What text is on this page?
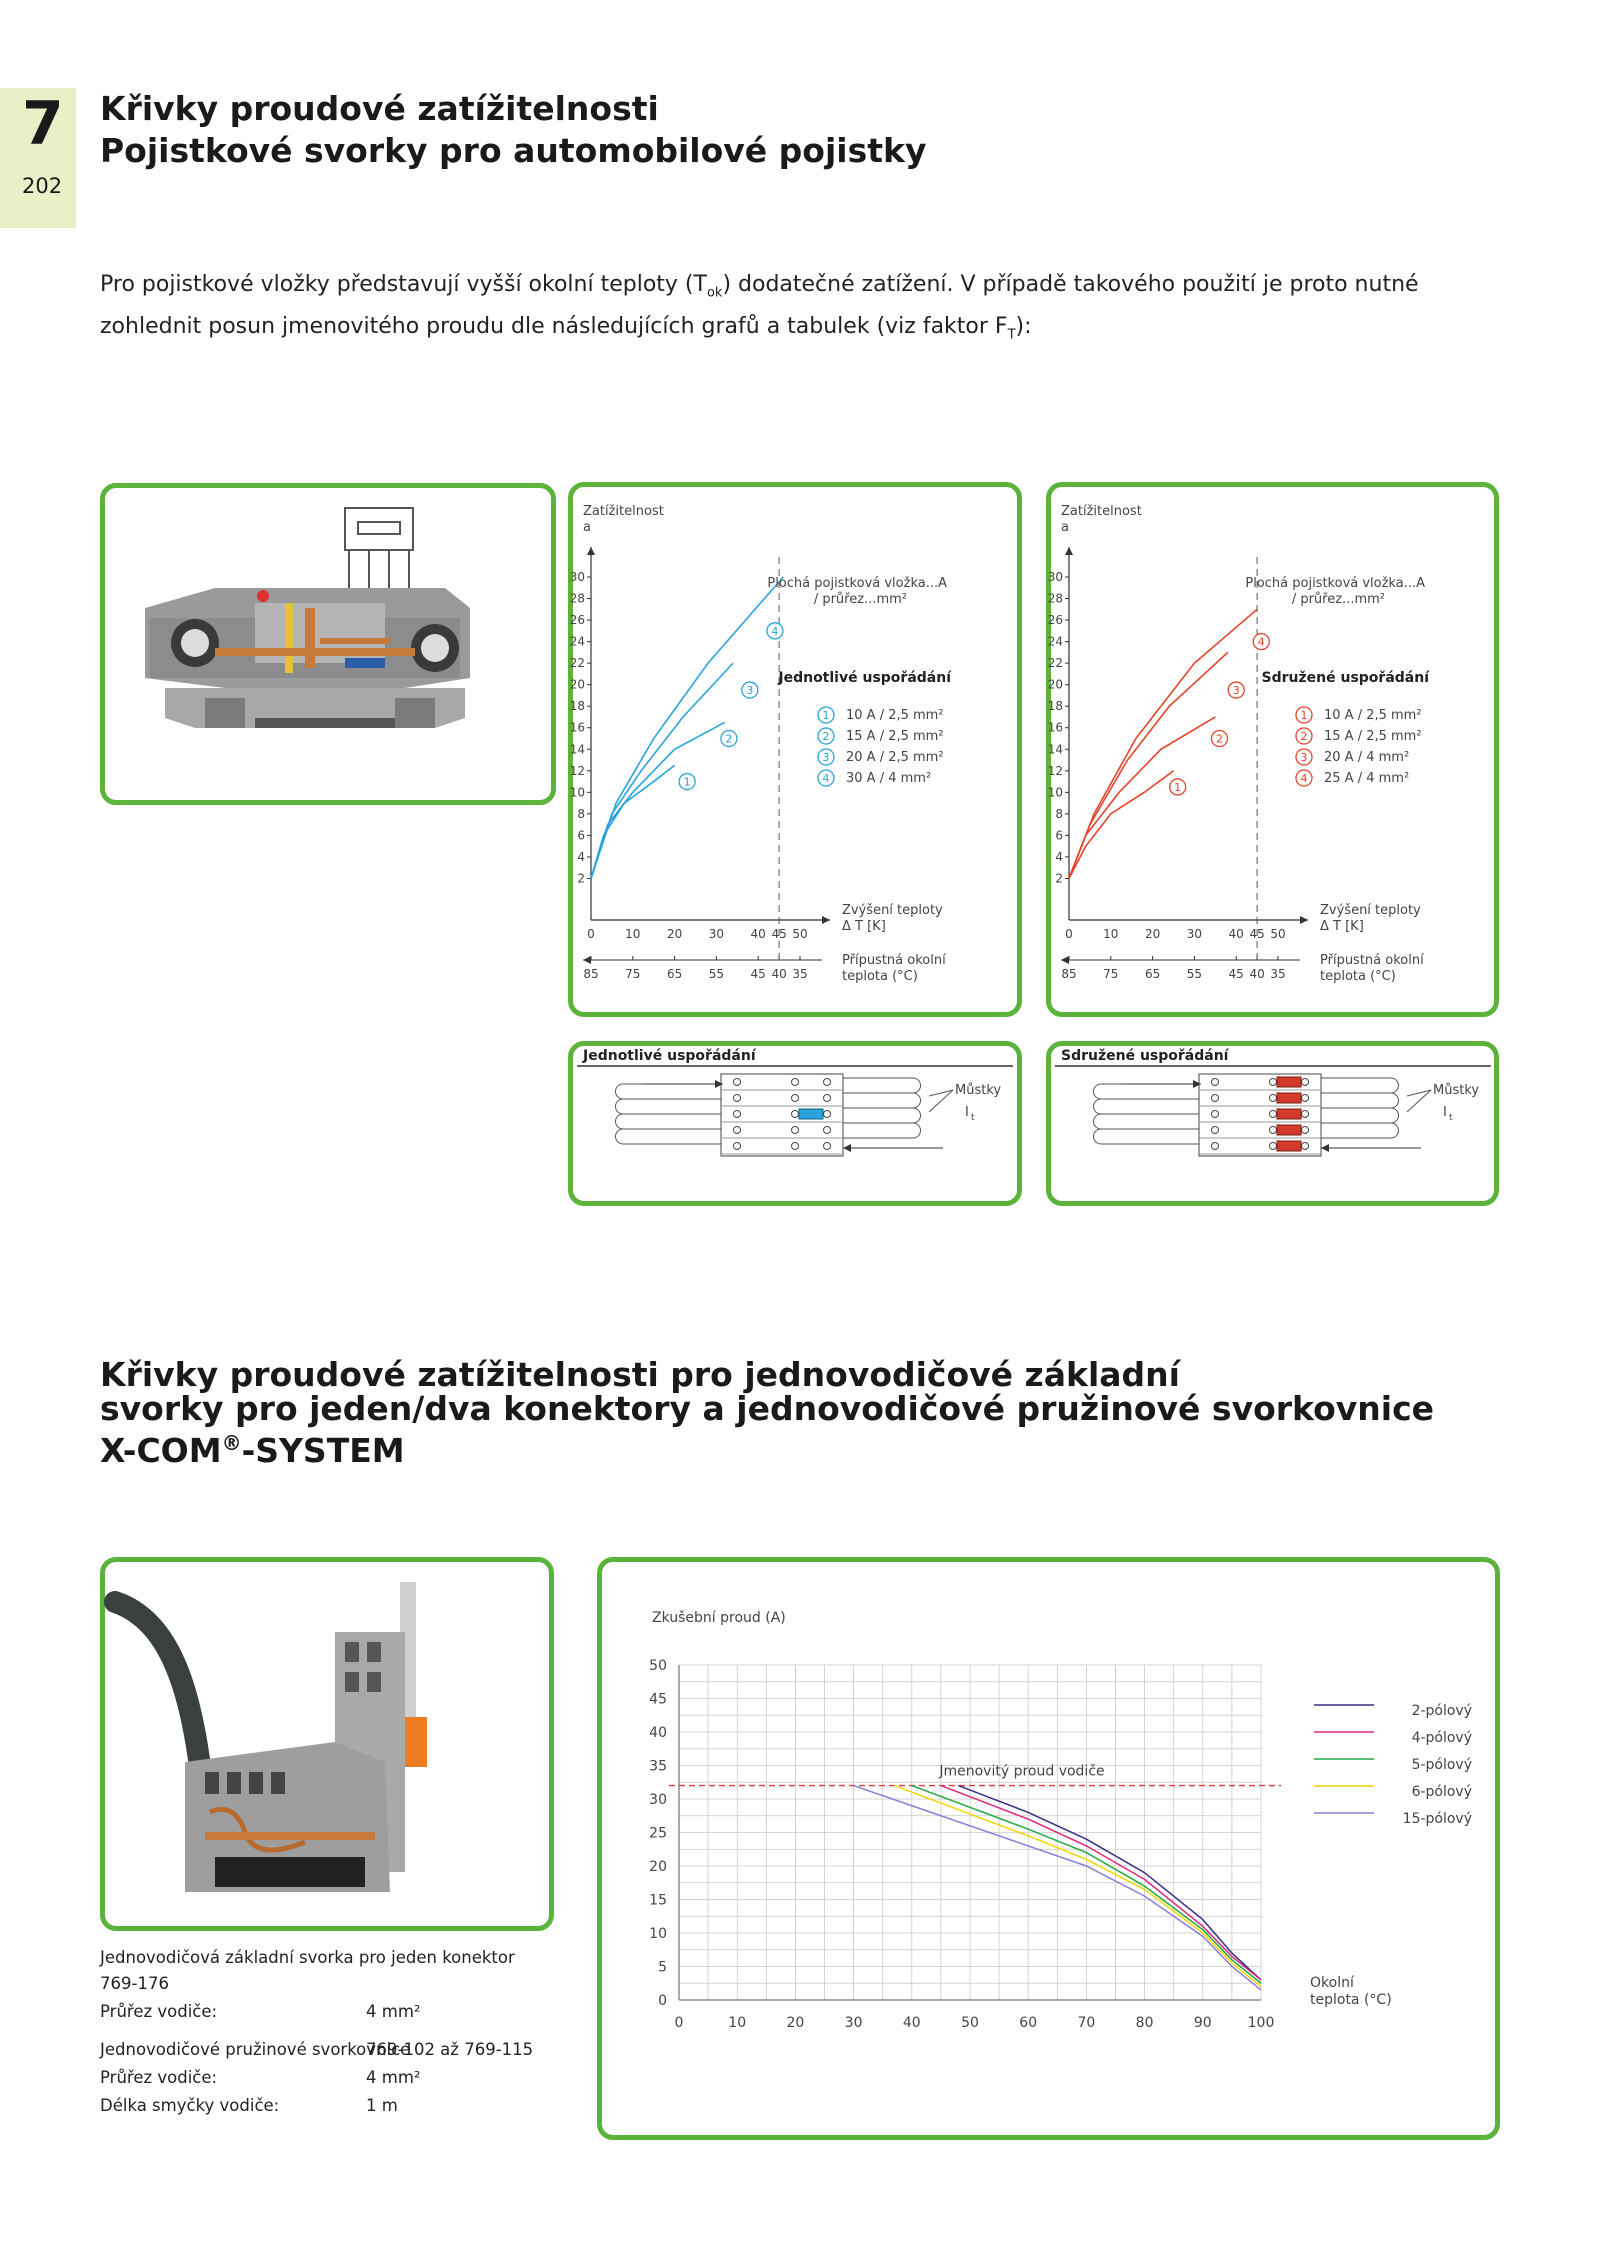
7
202
Křivky proudové zatížitelnosti
Pojistkové svorky pro automobilové pojistky
Pro pojistkové vložky představují vyšší okolní teploty $(T_{ok})$ dodatečné zatížení. V případě takového použití je proto nutné zohlednit posun jmenovitého proudu dle následujících grafů a tabulek (viz faktor $F_T$):
Zatížitelnost
a
2
4
6
8
10
12
14
16
18
20
22
24
26
28
30
0	10 20 30 40 45 50
Zvýšení teploty
Δ T [K]
85 75 65 55 45 40 35
Přípustná okolní
teplota (°C)
1
2
3
4
Plochá pojistková vložka...A
/ průřez...mm²
Jednotlivé uspořádání
1 10 A / 2,5 mm²
2 15 A / 2,5 mm²
3 20 A / 2,5 mm²
4 30 A / 4 mm²
Zatížitelnost
a
2
4
6
8
10
12
14
16
18
20
22
24
26
28
30
0	10 20 30 40 45 50
Zvýšení teploty
Δ T [K]
85 75 65 55 45 40 35
Přípustná okolní
teplota (°C)
1
2
3
4
Plochá pojistková vložka...A
/ průřez...mm²
Sdružené uspořádání
1 10 A / 2,5 mm²
2 15 A / 2,5 mm²
3 20 A / 4 mm²
4 25 A / 4 mm²
Jednotlivé uspořádání
Můstky
I t
Sdružené uspořádání
Můstky
I t
Křivky proudové zatížitelnosti pro jednovodičové základní
svorky pro jeden/dva konektory a jednovodičové pružinové svorkovnice
X-COM®-SYSTEM
Jednovodičová základní svorka pro jeden konektor
769-176
Průřez vodiče:	4 mm²
Jednovodičové pružinové svorkovnice
769-102 až 769-115
Průřez vodiče:	4 mm²
Délka smyčky vodiče:	1 m
Zkušební proud (A)
0
5
10
15
20
25
30
35
40
45
50
0	10	20	30	40	50	60	70	80	90	100
Okolní
teplota (°C)
Jmenovitý proud vodiče
2-pólový
4-pólový
5-pólový
6-pólový
15-pólový
